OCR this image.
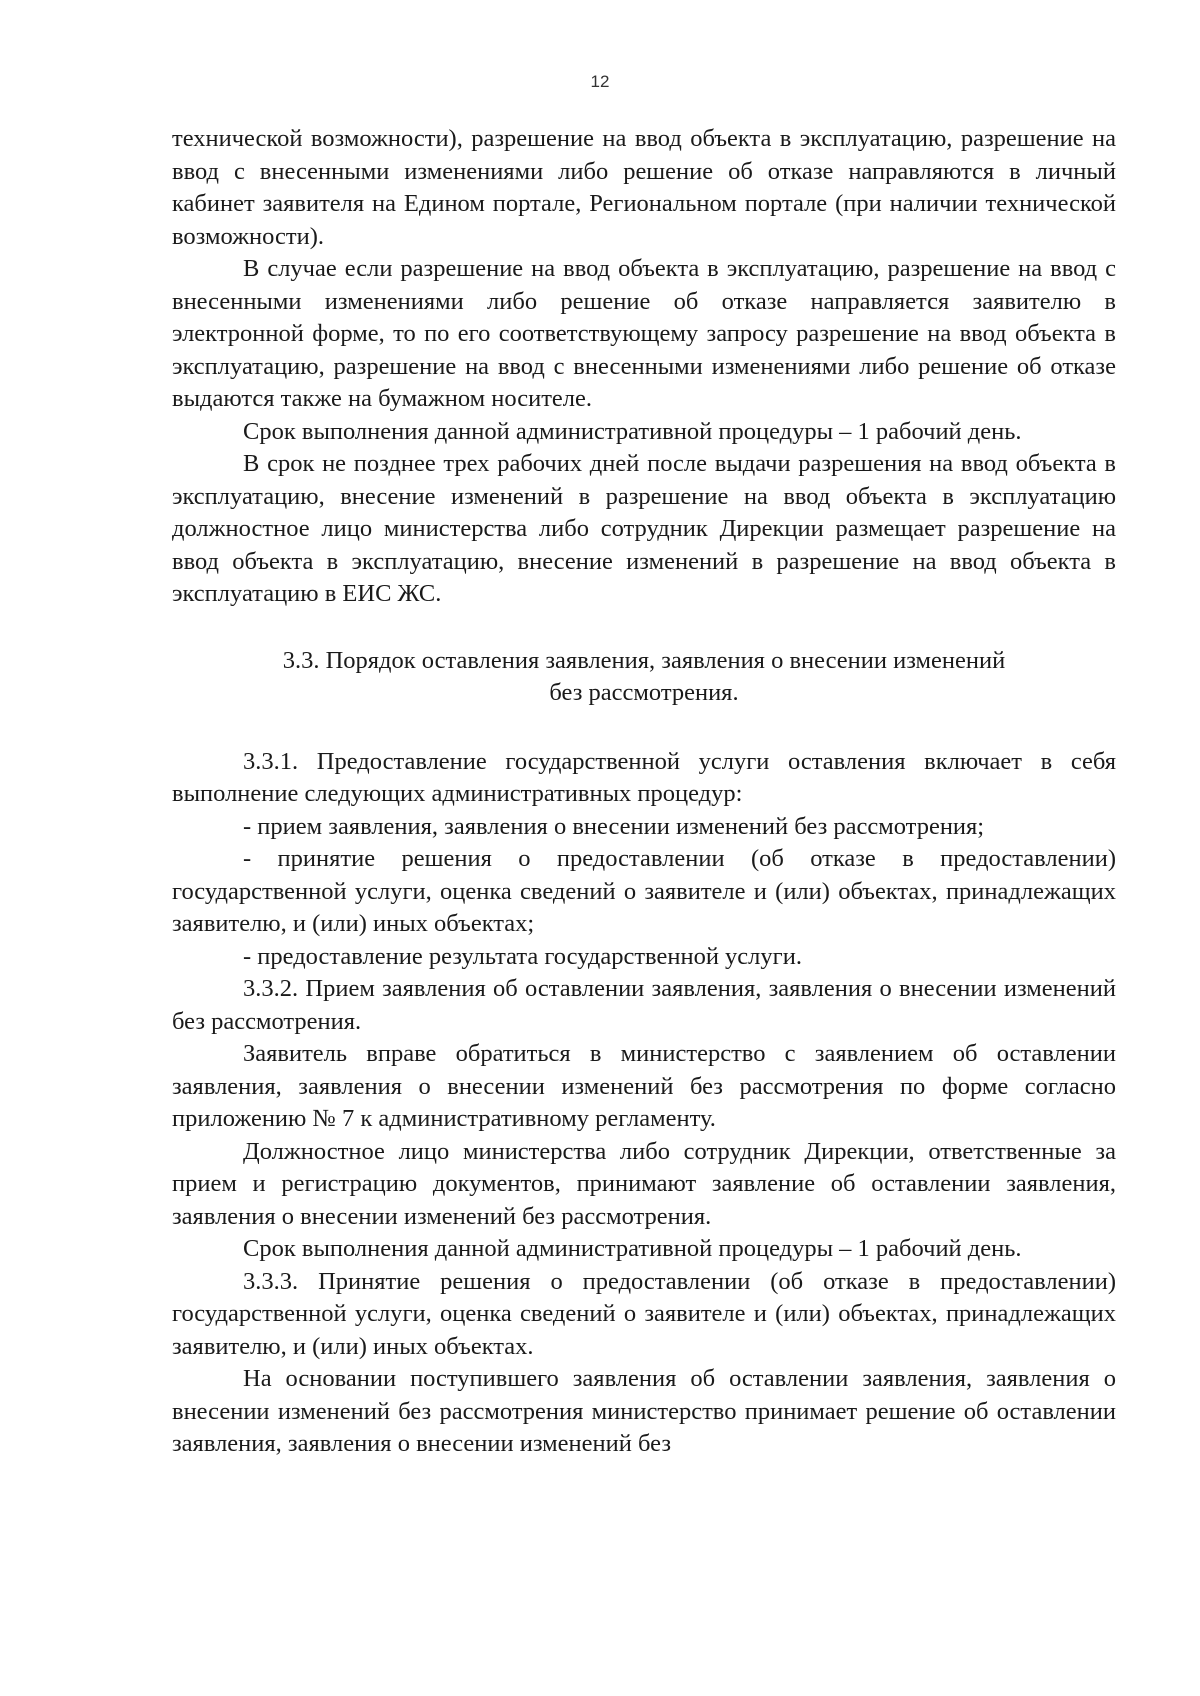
12

технической возможности), разрешение на ввод объекта в эксплуатацию, разрешение на ввод с внесенными изменениями либо решение об отказе направляются в личный кабинет заявителя на Едином портале, Региональном портале (при наличии технической возможности).

В случае если разрешение на ввод объекта в эксплуатацию, разрешение на ввод с внесенными изменениями либо решение об отказе направляется заявителю в электронной форме, то по его соответствующему запросу разрешение на ввод объекта в эксплуатацию, разрешение на ввод с внесенными изменениями либо решение об отказе выдаются также на бумажном носителе.

Срок выполнения данной административной процедуры – 1 рабочий день.

В срок не позднее трех рабочих дней после выдачи разрешения на ввод объекта в эксплуатацию, внесение изменений в разрешение на ввод объекта в эксплуатацию должностное лицо министерства либо сотрудник Дирекции размещает разрешение на ввод объекта в эксплуатацию, внесение изменений в разрешение на ввод объекта в эксплуатацию в ЕИС ЖС.

3.3. Порядок оставления заявления, заявления о внесении изменений
без рассмотрения.

3.3.1. Предоставление государственной услуги оставления включает в себя выполнение следующих административных процедур:

- прием заявления, заявления о внесении изменений без рассмотрения;

- принятие решения о предоставлении (об отказе в предоставлении) государственной услуги, оценка сведений о заявителе и (или) объектах, принадлежащих заявителю, и (или) иных объектах;

- предоставление результата государственной услуги.

3.3.2. Прием заявления об оставлении заявления, заявления о внесении изменений без рассмотрения.

Заявитель вправе обратиться в министерство с заявлением об оставлении заявления, заявления о внесении изменений без рассмотрения по форме согласно приложению № 7 к административному регламенту.

Должностное лицо министерства либо сотрудник Дирекции, ответственные за прием и регистрацию документов, принимают заявление об оставлении заявления, заявления о внесении изменений без рассмотрения.

Срок выполнения данной административной процедуры – 1 рабочий день.

3.3.3. Принятие решения о предоставлении (об отказе в предоставлении) государственной услуги, оценка сведений о заявителе и (или) объектах, принадлежащих заявителю, и (или) иных объектах.

На основании поступившего заявления об оставлении заявления, заявления о внесении изменений без рассмотрения министерство принимает решение об оставлении заявления, заявления о внесении изменений без
